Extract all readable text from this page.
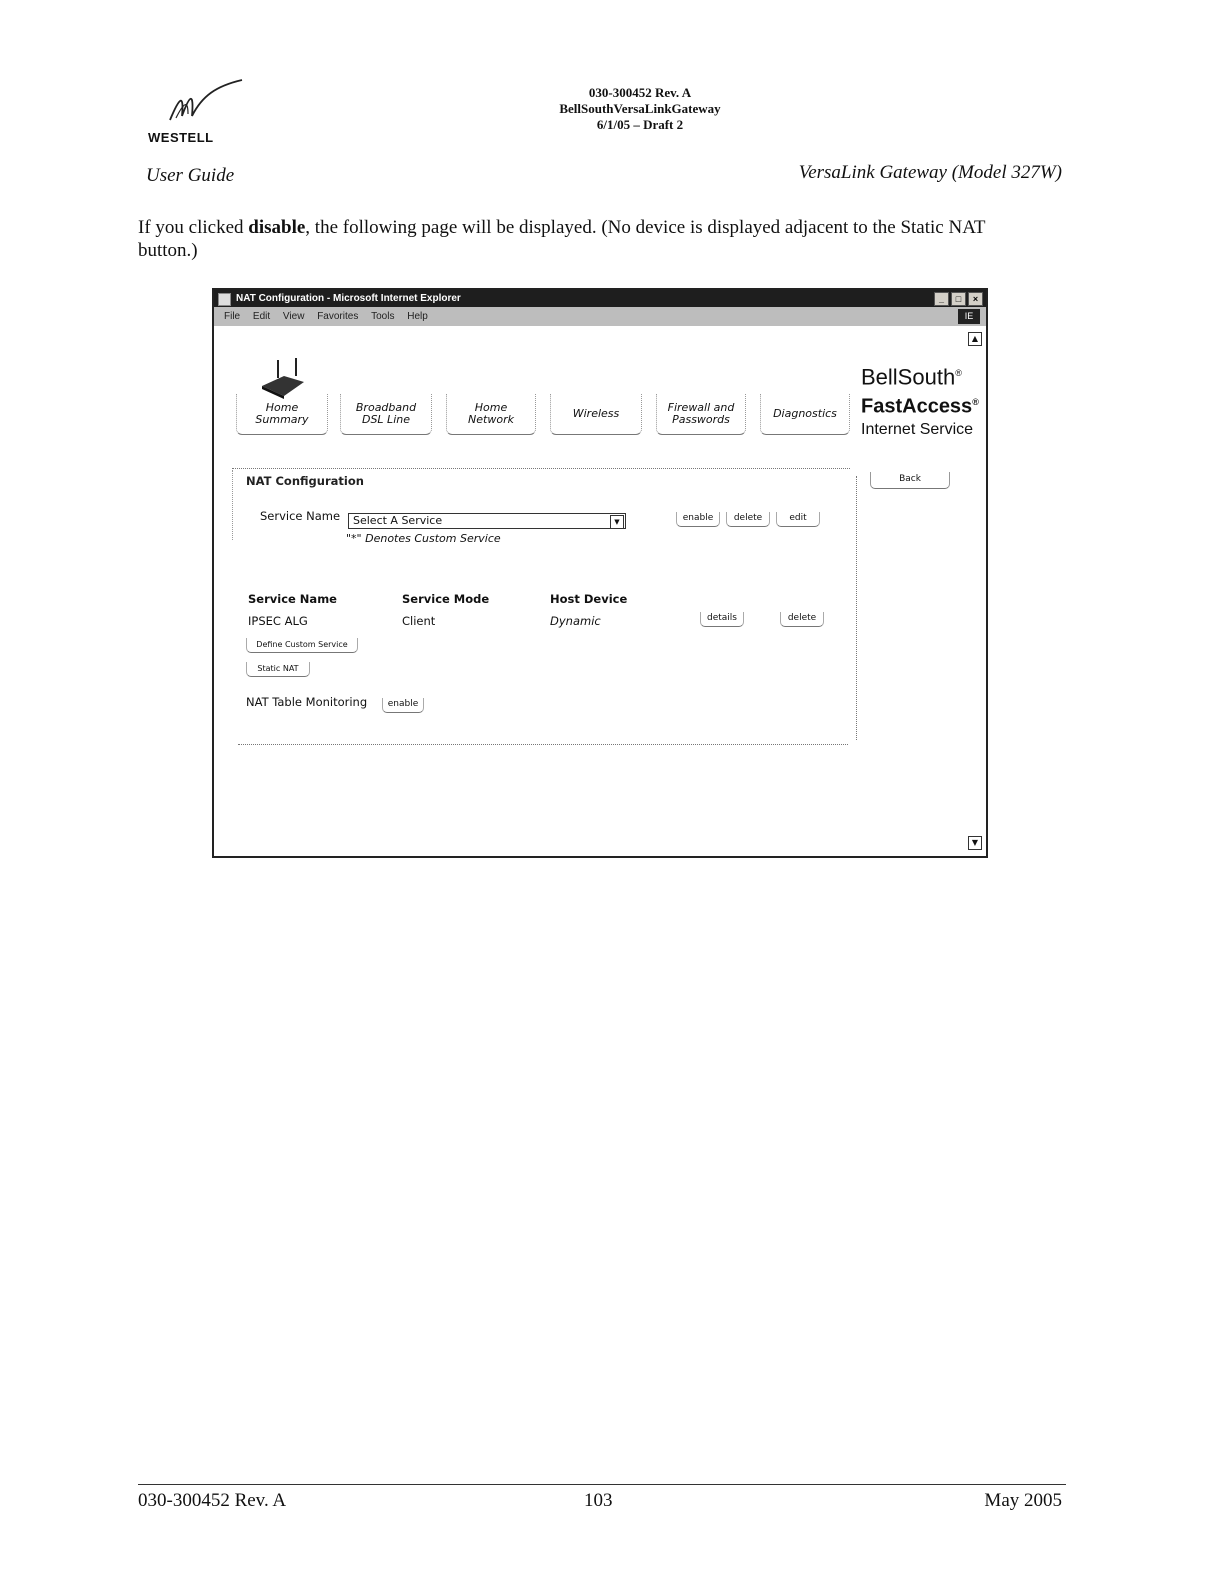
WESTELL
030-300452 Rev. A
BellSouthVersaLinkGateway
6/1/05 – Draft 2
User Guide	VersaLink Gateway (Model 327W)
If you clicked disable, the following page will be displayed. (No device is displayed adjacent to the Static NAT button.)
NAT Configuration - Microsoft Internet Explorer	_	□	×
File Edit View Favorites Tools Help	IE
▲
▼
Home
Summary
Broadband
DSL Line
Home
Network	Wireless	Firewall and
Passwords	Diagnostics
BellSouth®
FastAccess®
Internet Service
NAT Configuration	Back
Service Name	Select A Service	▼
"*" Denotes Custom Service
enable	delete	edit
Service Name	Service Mode	Host Device
IPSEC ALG	Client	Dynamic	details	delete
Define Custom Service
Static NAT
NAT Table Monitoring	enable
030-300452 Rev. A	103	May 2005
